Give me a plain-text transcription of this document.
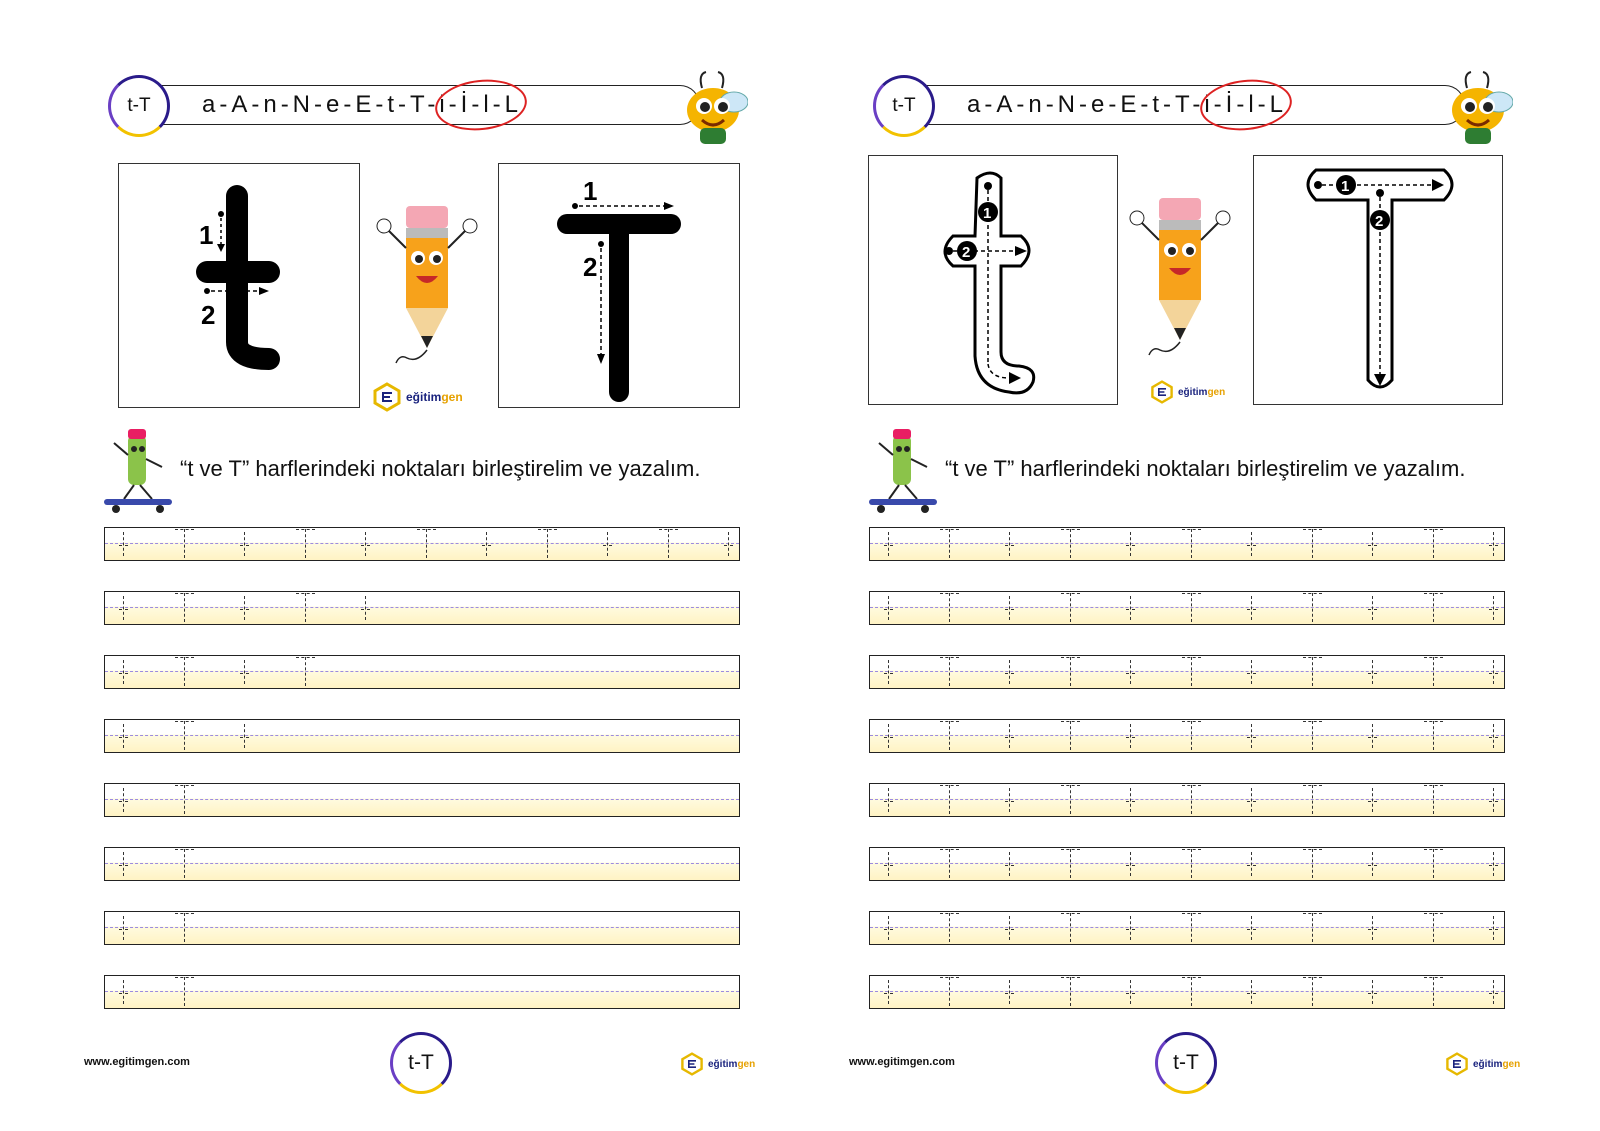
a-A-n-N-e-E-t-T-i-İ-l-L
t-T
1
2
eğitimgen
1
2
“t ve T” harflerindeki noktaları birleştirelim ve yazalım.
www.egitimgen.com	t-T	eğitimgen
a-A-n-N-e-E-t-T-i-İ-l-L
t-T
1
2
eğitimgen
1
2
“t ve T” harflerindeki noktaları birleştirelim ve yazalım.
www.egitimgen.com	t-T	eğitimgen
